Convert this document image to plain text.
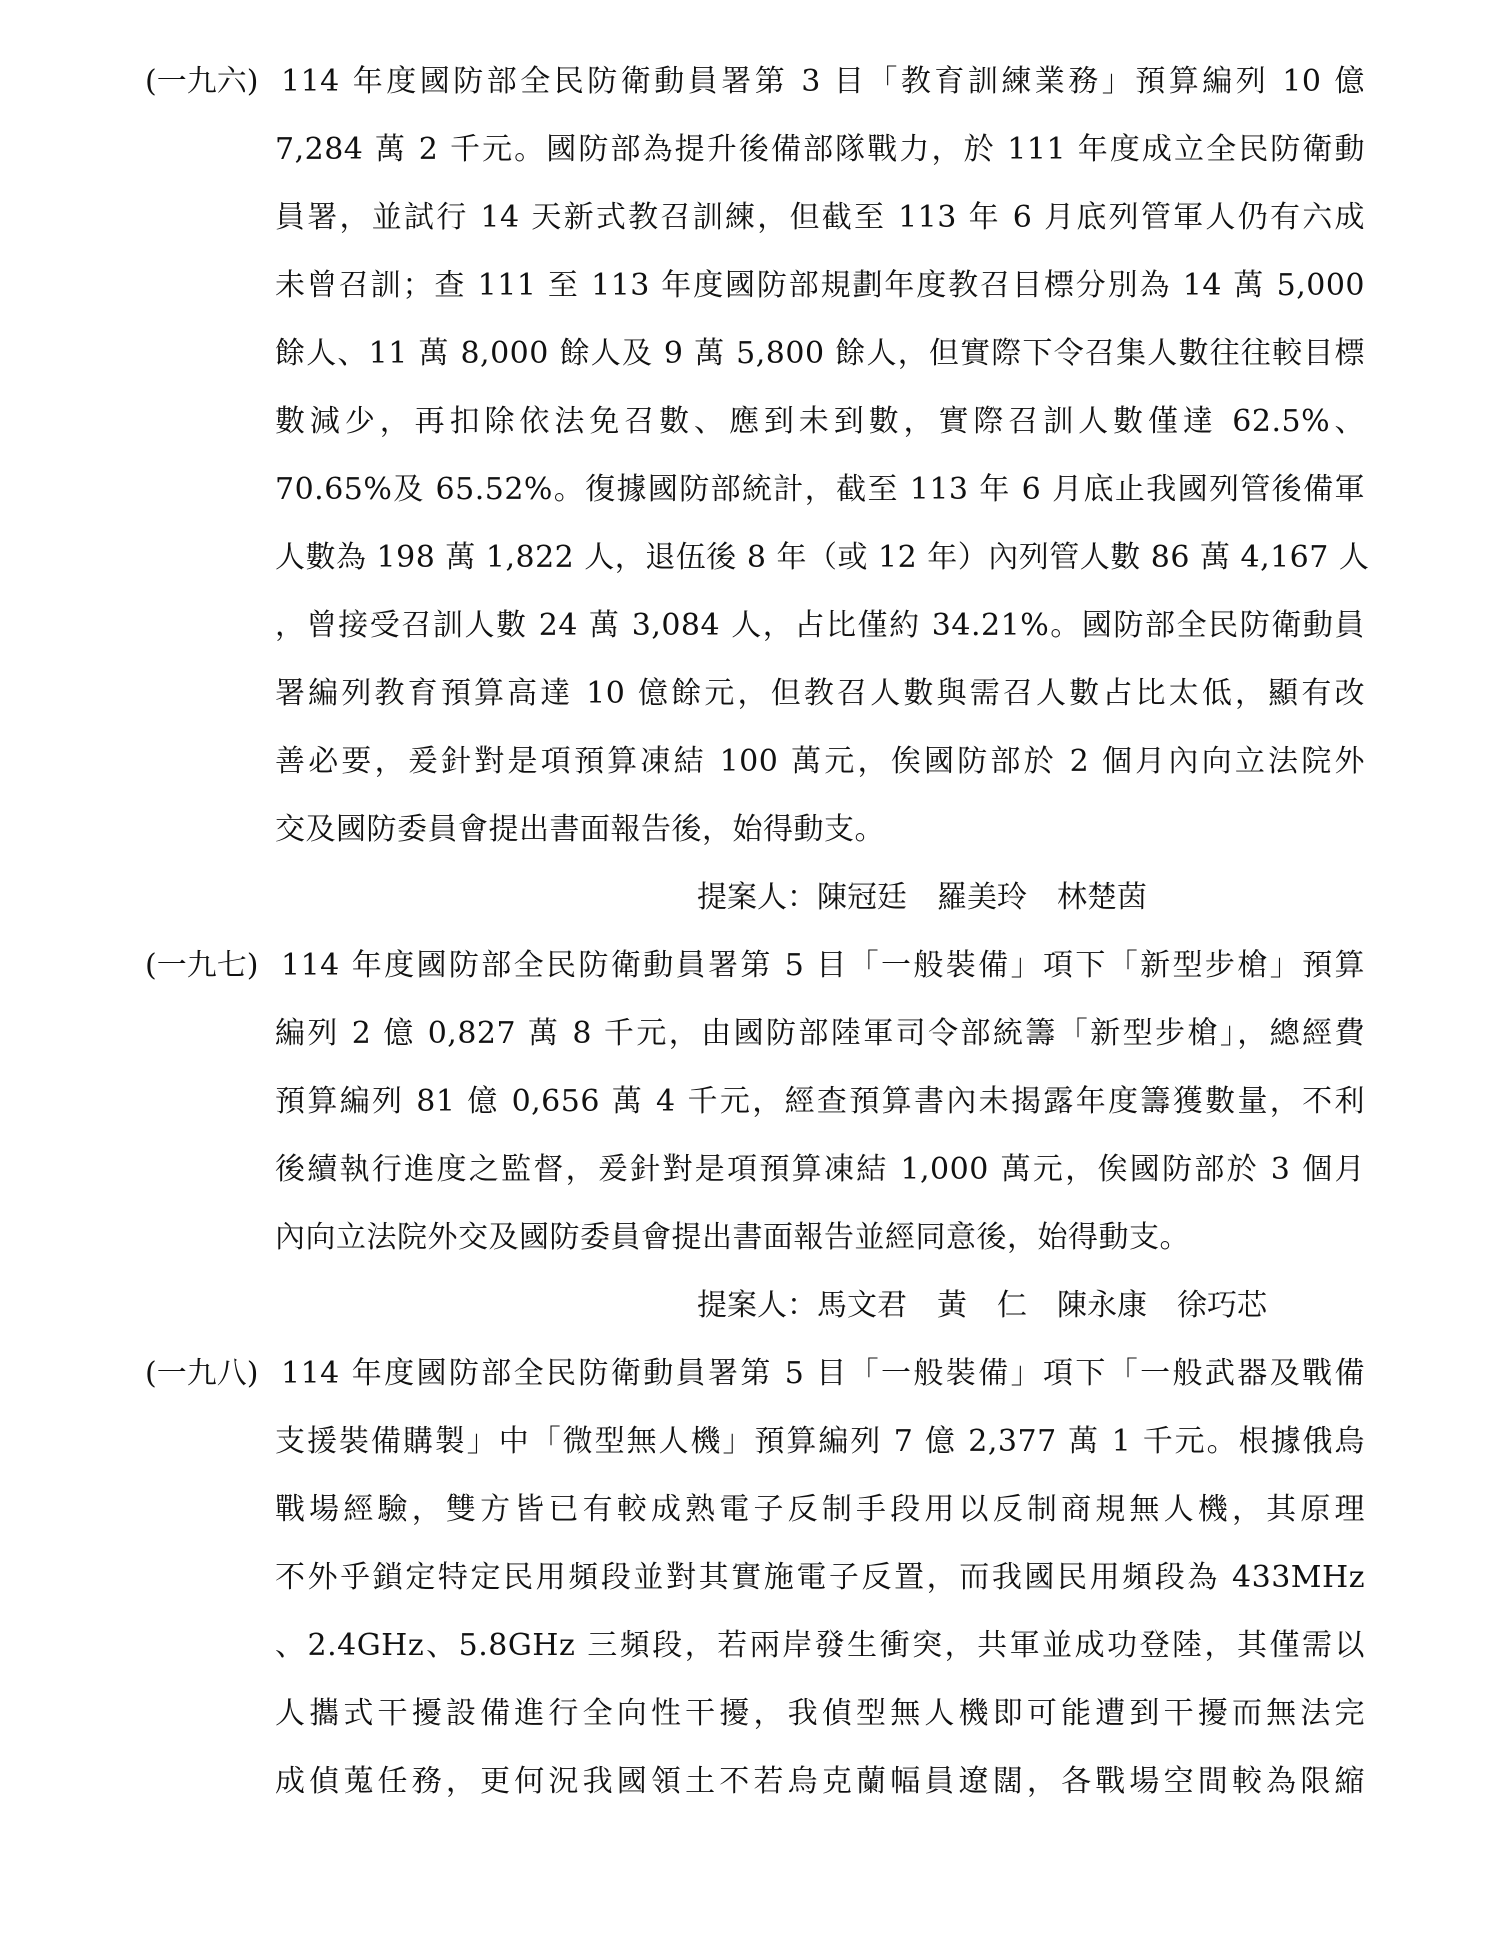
(一九六) 114 年度國防部全民防衛動員署第 3 目「教育訓練業務」預算編列 10 億
7,284 萬 2 千元。國防部為提升後備部隊戰力，於 111 年度成立全民防衛動
員署，並試行 14 天新式教召訓練，但截至 113 年 6 月底列管軍人仍有六成
未曾召訓；查 111 至 113 年度國防部規劃年度教召目標分別為 14 萬 5,000
餘人、11 萬 8,000 餘人及 9 萬 5,800 餘人，但實際下令召集人數往往較目標
數減少，再扣除依法免召數、應到未到數，實際召訓人數僅達 62.5%、
70.65%及 65.52%。復據國防部統計，截至 113 年 6 月底止我國列管後備軍
人數為 198 萬 1,822 人，退伍後 8 年（或 12 年）內列管人數 86 萬 4,167 人
，曾接受召訓人數 24 萬 3,084 人，占比僅約 34.21%。國防部全民防衛動員
署編列教育預算高達 10 億餘元，但教召人數與需召人數占比太低，顯有改
善必要，爰針對是項預算凍結 100 萬元，俟國防部於 2 個月內向立法院外
交及國防委員會提出書面報告後，始得動支。
提案人：陳冠廷　羅美玲　林楚茵
(一九七) 114 年度國防部全民防衛動員署第 5 目「一般裝備」項下「新型步槍」預算
編列 2 億 0,827 萬 8 千元，由國防部陸軍司令部統籌「新型步槍」，總經費
預算編列 81 億 0,656 萬 4 千元，經查預算書內未揭露年度籌獲數量，不利
後續執行進度之監督，爰針對是項預算凍結 1,000 萬元，俟國防部於 3 個月
內向立法院外交及國防委員會提出書面報告並經同意後，始得動支。
提案人：馬文君　黃　仁　陳永康　徐巧芯
(一九八) 114 年度國防部全民防衛動員署第 5 目「一般裝備」項下「一般武器及戰備
支援裝備購製」中「微型無人機」預算編列 7 億 2,377 萬 1 千元。根據俄烏
戰場經驗，雙方皆已有較成熟電子反制手段用以反制商規無人機，其原理
不外乎鎖定特定民用頻段並對其實施電子反置，而我國民用頻段為 433MHz
、2.4GHz、5.8GHz 三頻段，若兩岸發生衝突，共軍並成功登陸，其僅需以
人攜式干擾設備進行全向性干擾，我偵型無人機即可能遭到干擾而無法完
成偵蒐任務，更何況我國領土不若烏克蘭幅員遼闊，各戰場空間較為限縮
